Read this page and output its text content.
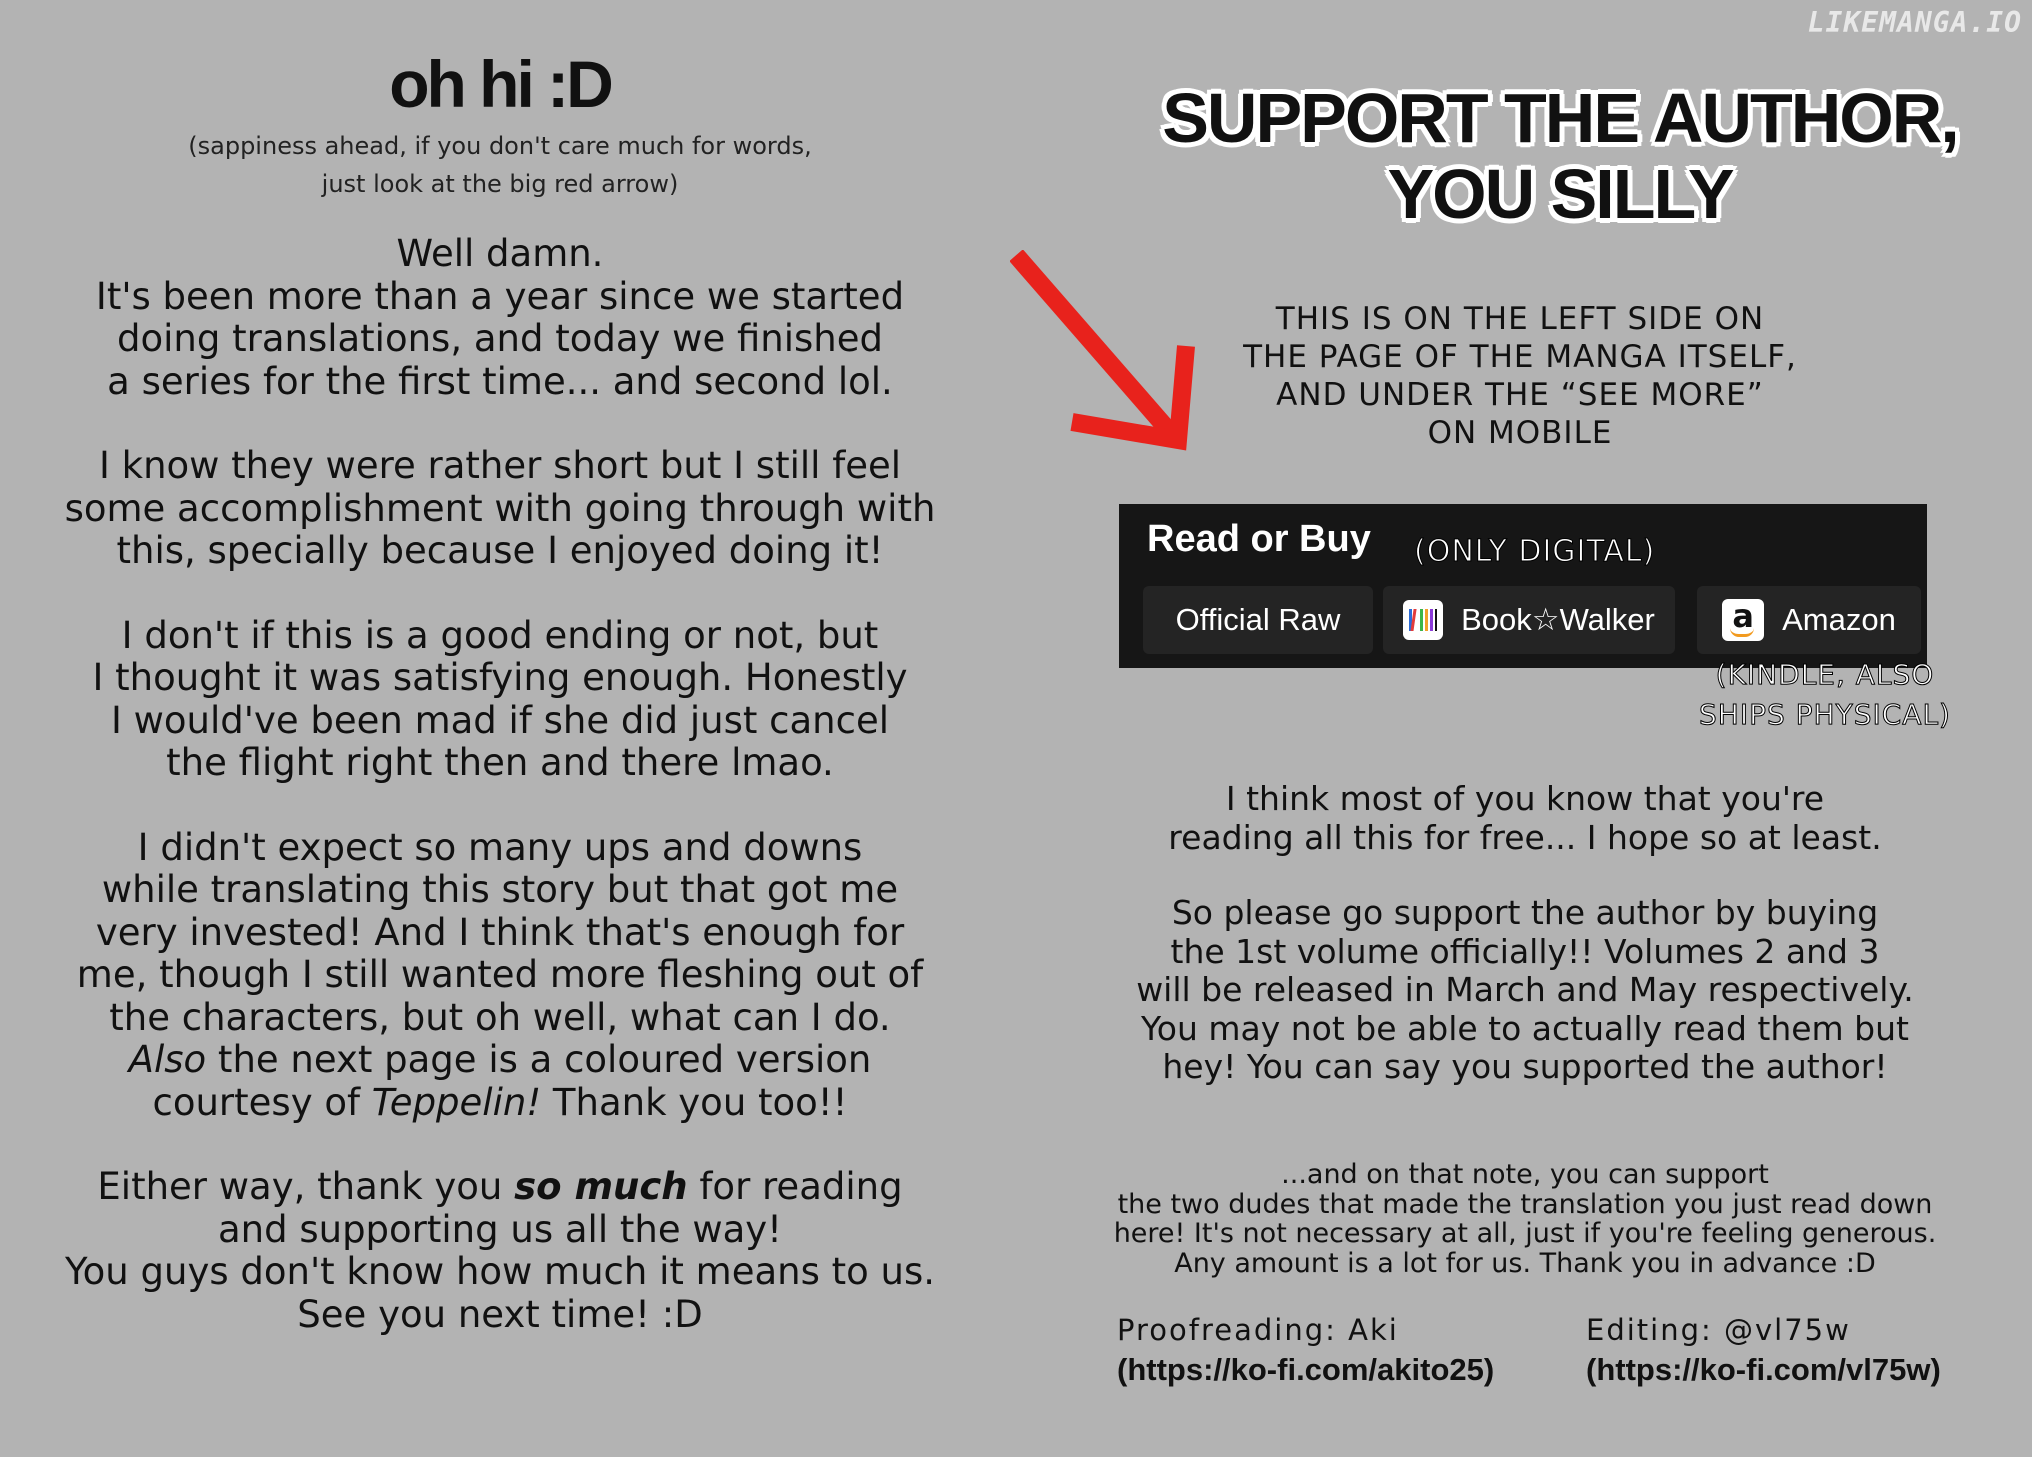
LIKEMANGA.IO
oh hi :D
(sappiness ahead, if you don't care much for words,
just look at the big red arrow)
Well damn.
It's been more than a year since we started
doing translations, and today we finished
a series for the first time... and second lol.
I know they were rather short but I still feel
some accomplishment with going through with
this, specially because I enjoyed doing it!
I don't if this is a good ending or not, but
I thought it was satisfying enough. Honestly
I would've been mad if she did just cancel
the flight right then and there lmao.
I didn't expect so many ups and downs
while translating this story but that got me
very invested! And I think that's enough for
me, though I still wanted more fleshing out of
the characters, but oh well, what can I do.
Also the next page is a coloured version
courtesy of Teppelin! Thank you too!!
Either way, thank you so much for reading
and supporting us all the way!
You guys don't know how much it means to us.
See you next time! :D
SUPPORT THE AUTHOR,
YOU SILLY
THIS IS ON THE LEFT SIDE ON
THE PAGE OF THE MANGA ITSELF,
AND UNDER THE “SEE MORE”
ON MOBILE
Read or Buy (ONLY DIGITAL)
Official Raw	Book☆Walker	a Amazon
(KINDLE, ALSO
SHIPS PHYSICAL)
I think most of you know that you're
reading all this for free... I hope so at least.
So please go support the author by buying
the 1st volume officially!! Volumes 2 and 3
will be released in March and May respectively.
You may not be able to actually read them but
hey! You can say you supported the author!
...and on that note, you can support
the two dudes that made the translation you just read down
here! It's not necessary at all, just if you're feeling generous.
Any amount is a lot for us. Thank you in advance :D
Proofreading: Aki
(https://ko-fi.com/akito25)
Editing: @vl75w
(https://ko-fi.com/vl75w)
